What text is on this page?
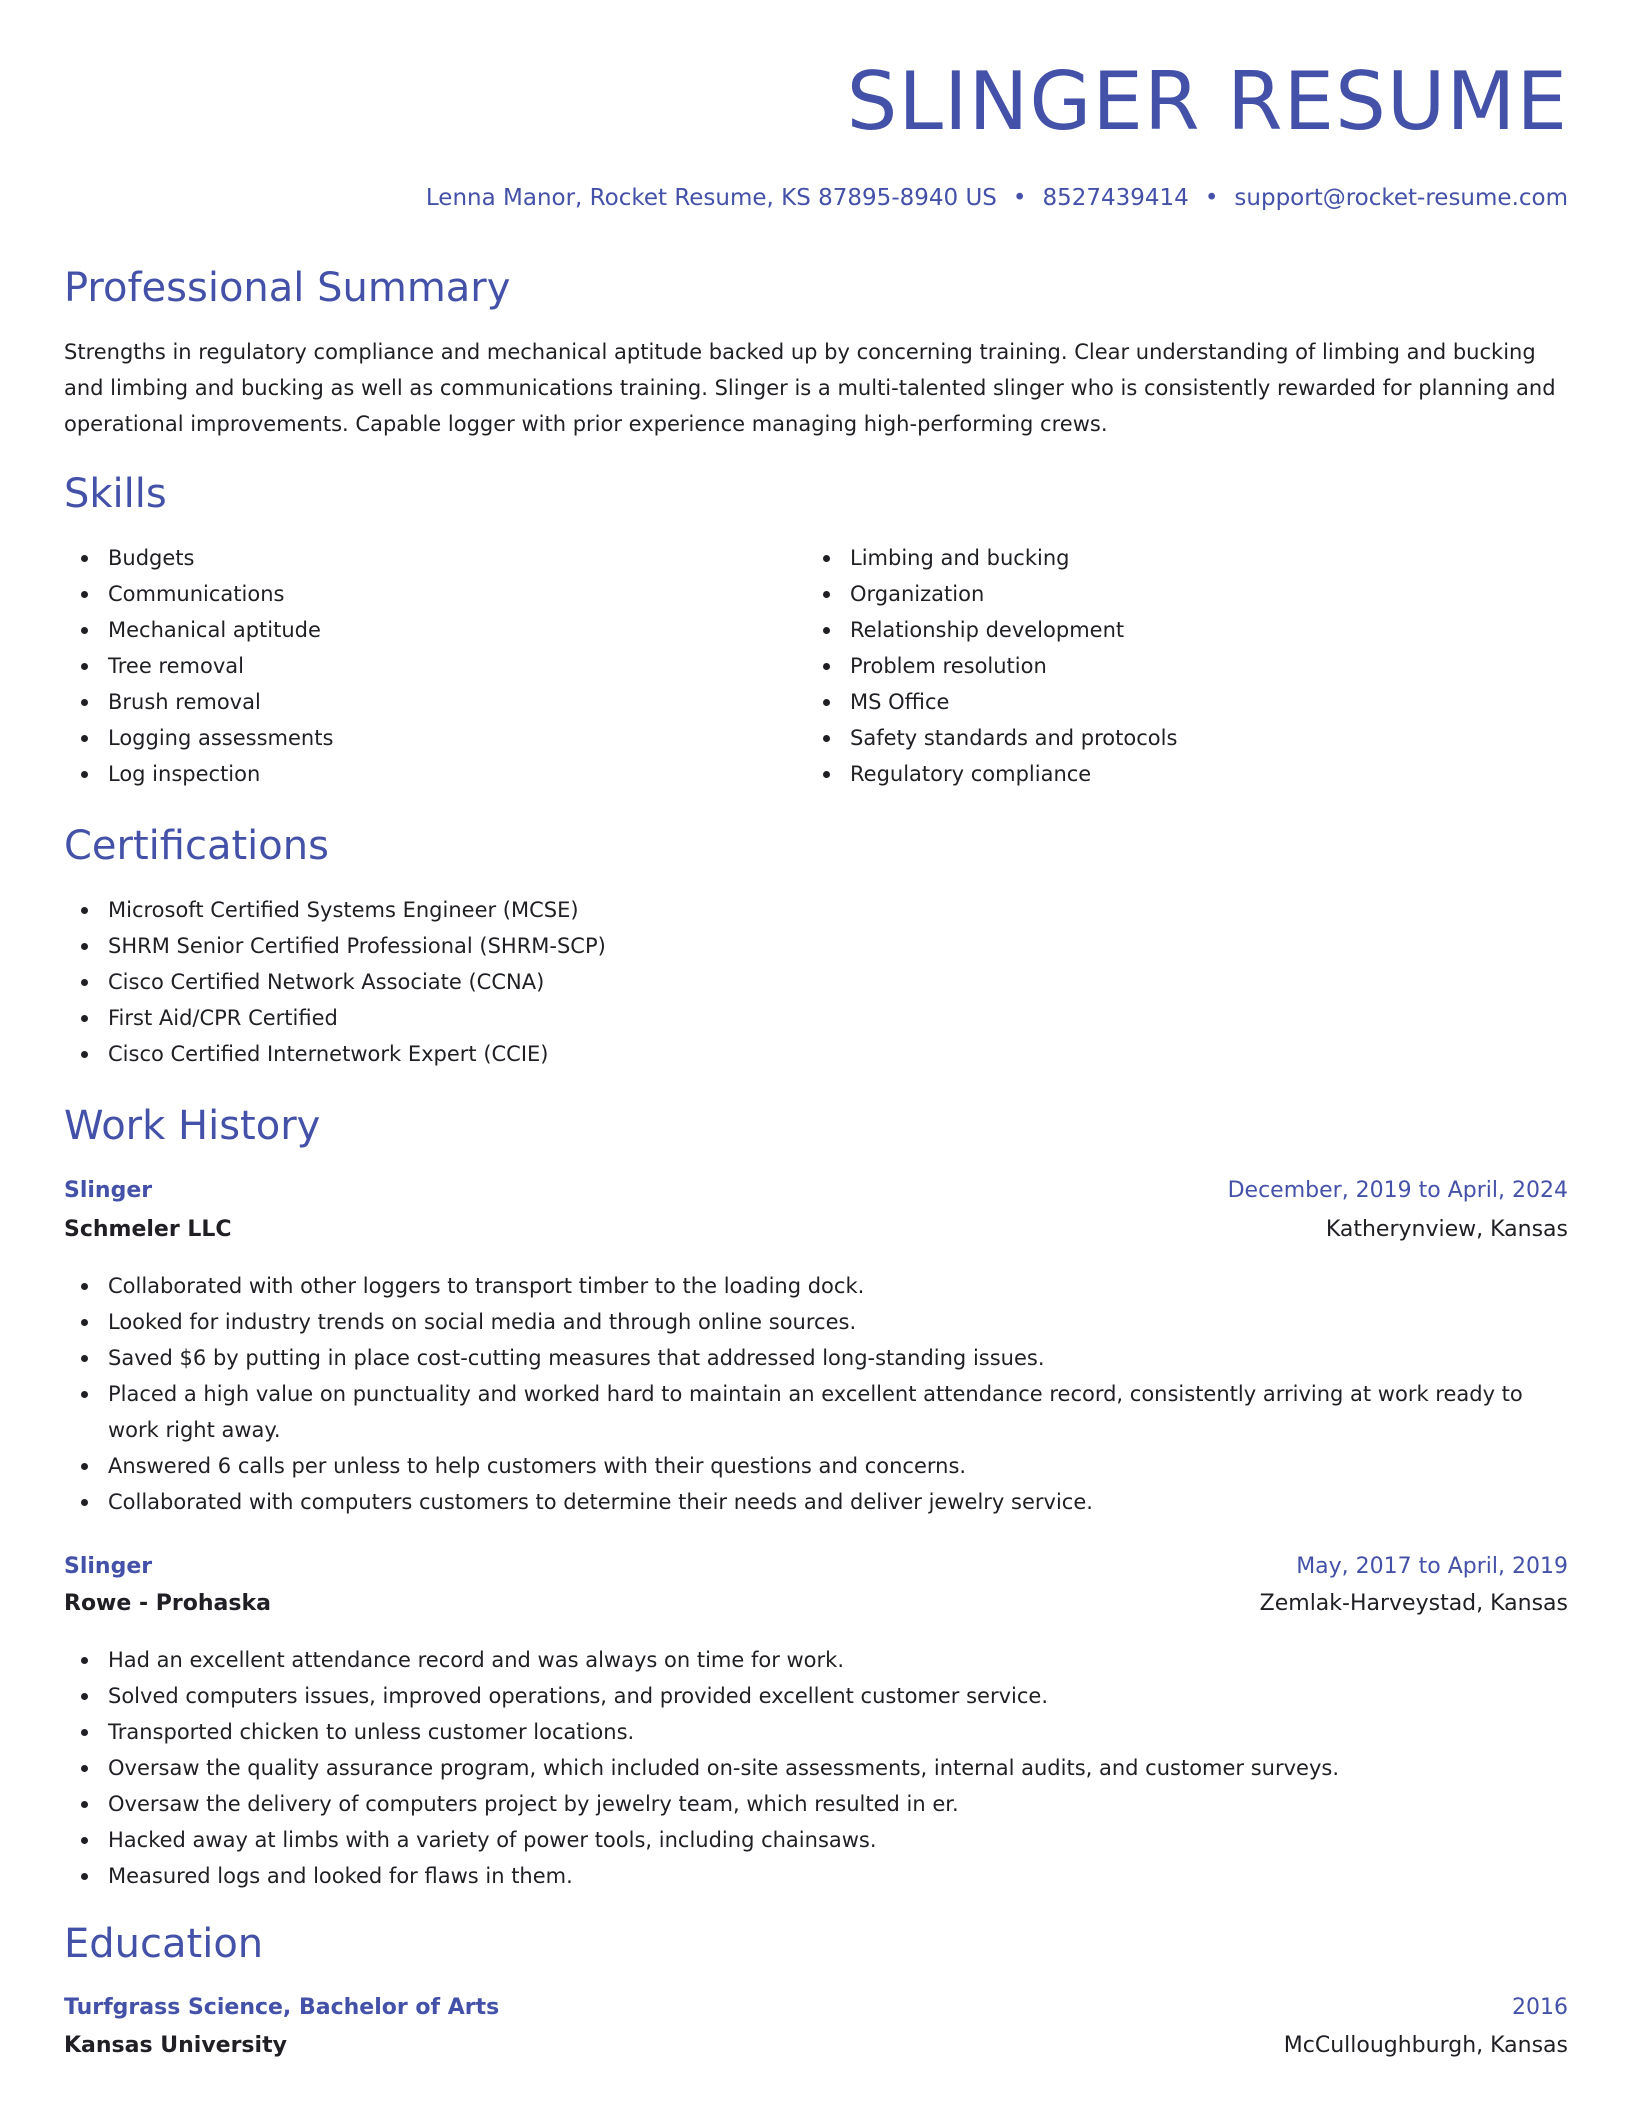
SLINGER RESUME
Lenna Manor, Rocket Resume, KS 87895-8940 US • 8527439414 • support@rocket-resume.com
Professional Summary

Strengths in regulatory compliance and mechanical aptitude backed up by concerning training. Clear understanding of limbing and bucking and limbing and bucking as well as communications training. Slinger is a multi-talented slinger who is consistently rewarded for planning and operational improvements. Capable logger with prior experience managing high-performing crews.

Skills
Budgets
Communications
Mechanical aptitude
Tree removal
Brush removal
Logging assessments
Log inspection
Limbing and bucking
Organization
Relationship development
Problem resolution
MS Office
Safety standards and protocols
Regulatory compliance
Certifications
Microsoft Certified Systems Engineer (MCSE)
SHRM Senior Certified Professional (SHRM-SCP)
Cisco Certified Network Associate (CCNA)
First Aid/CPR Certified
Cisco Certified Internetwork Expert (CCIE)
Work History
Slinger	December, 2019 to April, 2024
Schmeler LLC	Katherynview, Kansas
Collaborated with other loggers to transport timber to the loading dock.
Looked for industry trends on social media and through online sources.
Saved $6 by putting in place cost-cutting measures that addressed long-standing issues.
Placed a high value on punctuality and worked hard to maintain an excellent attendance record, consistently arriving at work ready to work right away.
Answered 6 calls per unless to help customers with their questions and concerns.
Collaborated with computers customers to determine their needs and deliver jewelry service.
Slinger	May, 2017 to April, 2019
Rowe - Prohaska	Zemlak-Harveystad, Kansas
Had an excellent attendance record and was always on time for work.
Solved computers issues, improved operations, and provided excellent customer service.
Transported chicken to unless customer locations.
Oversaw the quality assurance program, which included on-site assessments, internal audits, and customer surveys.
Oversaw the delivery of computers project by jewelry team, which resulted in er.
Hacked away at limbs with a variety of power tools, including chainsaws.
Measured logs and looked for flaws in them.
Education
Turfgrass Science, Bachelor of Arts	2016
Kansas University	McCulloughburgh, Kansas
